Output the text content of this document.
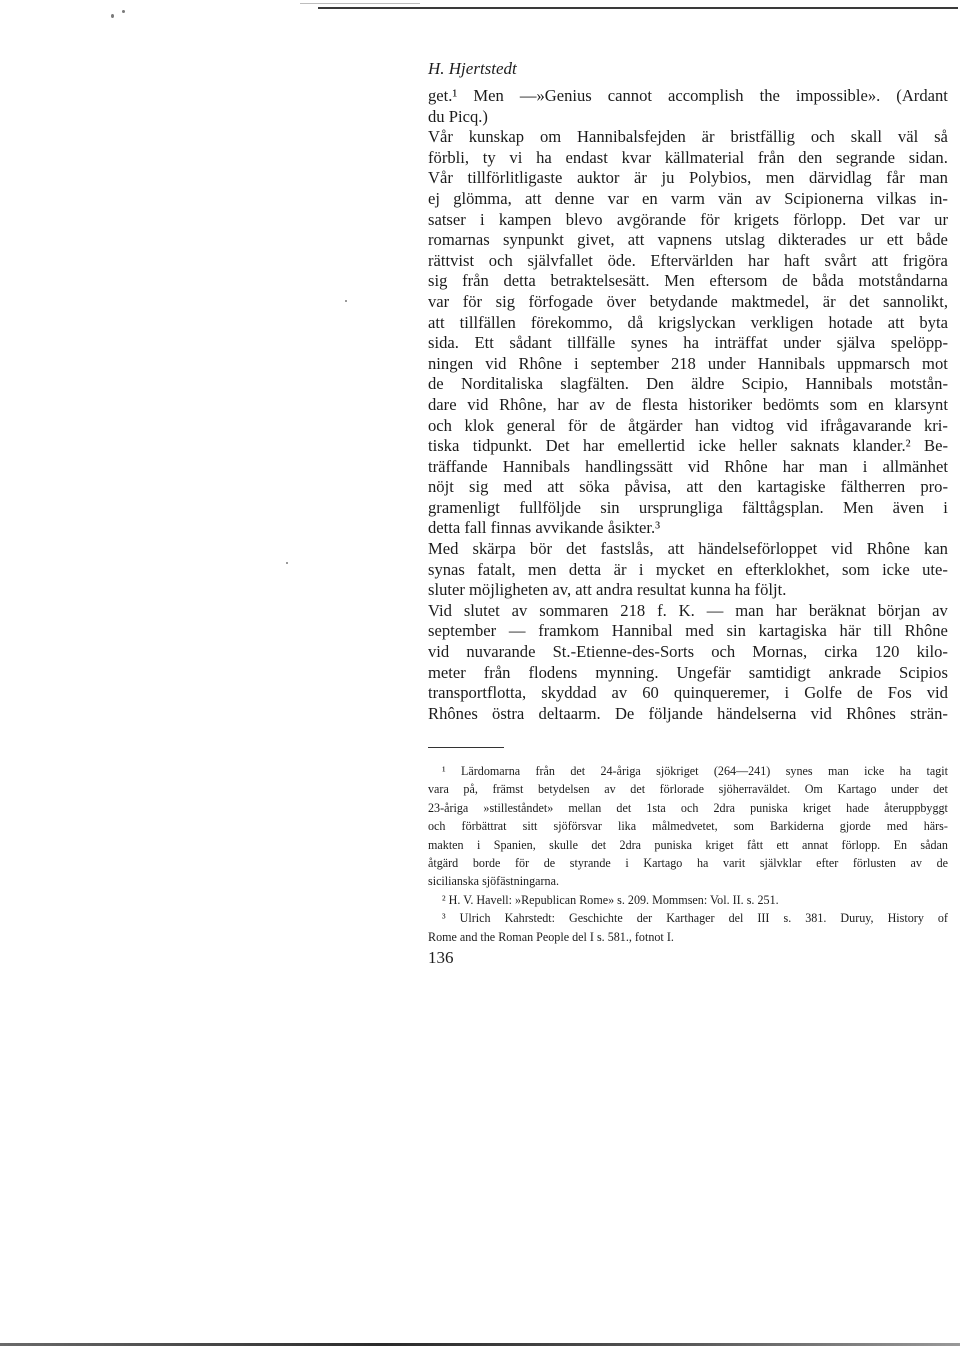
H. Hjertstedt
get.¹ Men —»Genius cannot accomplish the impossible». (Ardant
du Picq.)
Vår kunskap om Hannibalsfejden är bristfällig och skall väl så
förbli, ty vi ha endast kvar källmaterial från den segrande sidan.
Vår tillförlitligaste auktor är ju Polybios, men därvidlag får man
ej glömma, att denne var en varm vän av Scipionerna vilkas in-
satser i kampen blevo avgörande för krigets förlopp. Det var ur
romarnas synpunkt givet, att vapnens utslag dikterades ur ett både
rättvist och självfallet öde. Eftervärlden har haft svårt att frigöra
sig från detta betraktelsesätt. Men eftersom de båda motståndarna
var för sig förfogade över betydande maktmedel, är det sannolikt,
att tillfällen förekommo, då krigslyckan verkligen hotade att byta
sida. Ett sådant tillfälle synes ha inträffat under själva spelöpp-
ningen vid Rhône i september 218 under Hannibals uppmarsch mot
de Norditaliska slagfälten. Den äldre Scipio, Hannibals motstån-
dare vid Rhône, har av de flesta historiker bedömts som en klarsynt
och klok general för de åtgärder han vidtog vid ifrågavarande kri-
tiska tidpunkt. Det har emellertid icke heller saknats klander.² Be-
träffande Hannibals handlingssätt vid Rhône har man i allmänhet
nöjt sig med att söka påvisa, att den kartagiske fältherren pro-
gramenligt fullföljde sin ursprungliga fälttågsplan. Men även i
detta fall finnas avvikande åsikter.³
Med skärpa bör det fastslås, att händelseförloppet vid Rhône kan
synas fatalt, men detta är i mycket en efterklokhet, som icke ute-
sluter möjligheten av, att andra resultat kunna ha följt.
Vid slutet av sommaren 218 f. K. — man har beräknat början av
september — framkom Hannibal med sin kartagiska här till Rhône
vid nuvarande St.-Etienne-des-Sorts och Mornas, cirka 120 kilo-
meter från flodens mynning. Ungefär samtidigt ankrade Scipios
transportflotta, skyddad av 60 quinqueremer, i Golfe de Fos vid
Rhônes östra deltaarm. De följande händelserna vid Rhônes strän-
¹ Lärdomarna från det 24-åriga sjökriget (264—241) synes man icke ha tagit
vara på, främst betydelsen av det förlorade sjöherraväldet. Om Kartago under det
23-åriga »stilleståndet» mellan det 1sta och 2dra puniska kriget hade återuppbyggt
och förbättrat sitt sjöförsvar lika målmedvetet, som Barkiderna gjorde med härs-
makten i Spanien, skulle det 2dra puniska kriget fått ett annat förlopp. En sådan
åtgärd borde för de styrande i Kartago ha varit självklar efter förlusten av de
sicilianska sjöfästningarna.
² H. V. Havell: »Republican Rome» s. 209. Mommsen: Vol. II. s. 251.
³ Ulrich Kahrstedt: Geschichte der Karthager del III s. 381. Duruy, History of
Rome and the Roman People del I s. 581., fotnot I.
136
